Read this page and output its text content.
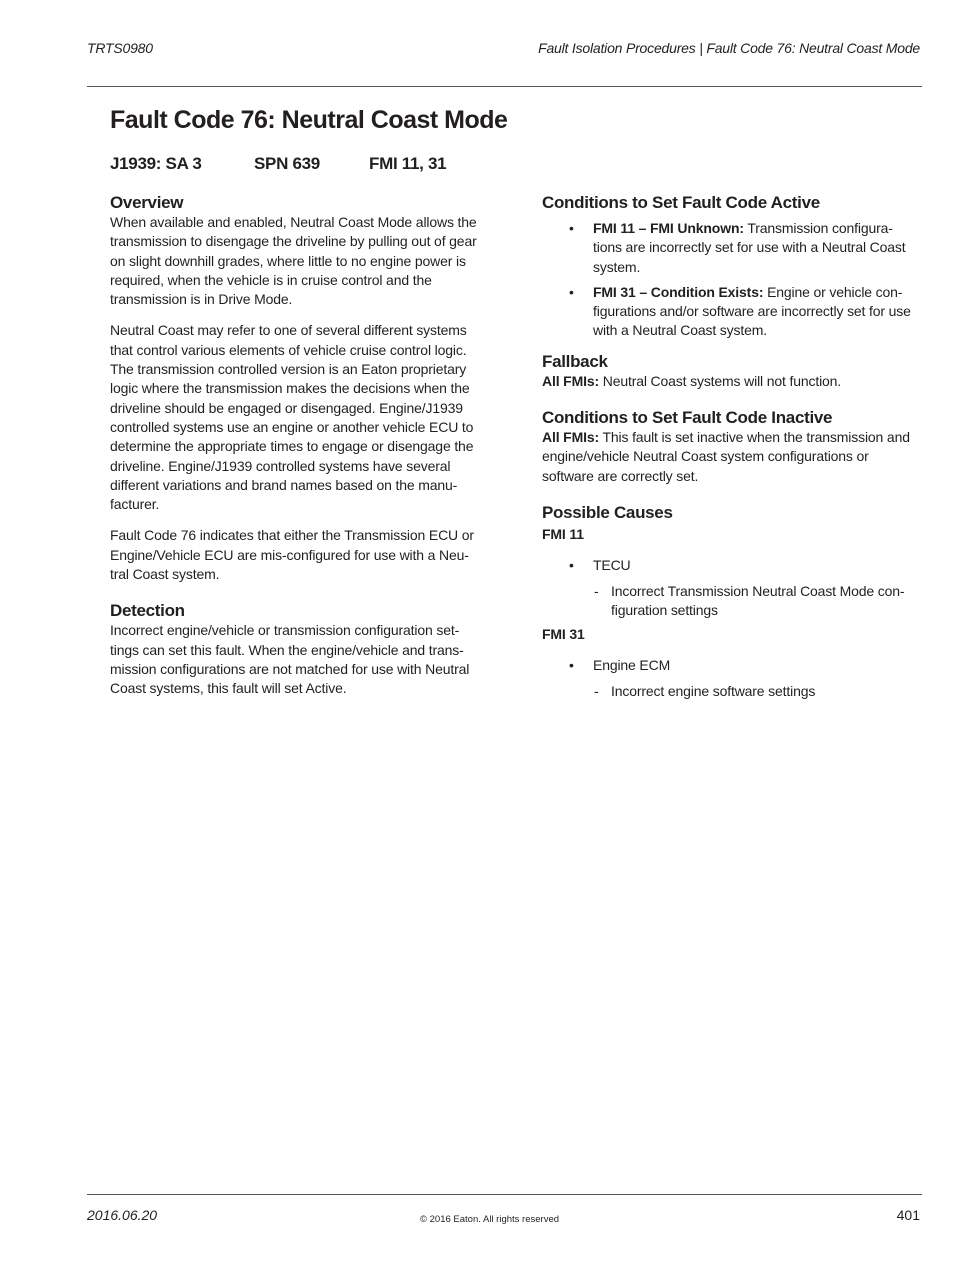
TRTS0980	Fault Isolation Procedures | Fault Code 76: Neutral Coast Mode
Fault Code 76: Neutral Coast Mode
J1939: SA 3	SPN 639	FMI 11, 31
Overview

When available and enabled, Neutral Coast Mode allows the transmission to disengage the driveline by pulling out of gear on slight downhill grades, where little to no engine power is required, when the vehicle is in cruise control and the transmission is in Drive Mode.

Neutral Coast may refer to one of several different systems that control various elements of vehicle cruise control logic. The transmission controlled version is an Eaton proprietary logic where the transmission makes the decisions when the driveline should be engaged or disengaged. Engine/J1939 controlled systems use an engine or another vehicle ECU to determine the appropriate times to engage or disengage the driveline. Engine/J1939 controlled systems have several different variations and brand names based on the manu-facturer.

Fault Code 76 indicates that either the Transmission ECU or Engine/Vehicle ECU are mis-configured for use with a Neu-tral Coast system.

Detection

Incorrect engine/vehicle or transmission configuration set-tings can set this fault. When the engine/vehicle and trans-mission configurations are not matched for use with Neutral Coast systems, this fault will set Active.

Conditions to Set Fault Code Active
• FMI 11 – FMI Unknown: Transmission configura-tions are incorrectly set for use with a Neutral Coast system.
• FMI 31 – Condition Exists: Engine or vehicle con-figurations and/or software are incorrectly set for use with a Neutral Coast system.
Fallback

All FMIs: Neutral Coast systems will not function.

Conditions to Set Fault Code Inactive

All FMIs: This fault is set inactive when the transmission and engine/vehicle Neutral Coast system configurations or software are correctly set.

Possible Causes
FMI 11
• TECU
- Incorrect Transmission Neutral Coast Mode con-figuration settings
FMI 31
• Engine ECM
- Incorrect engine software settings
2016.06.20	© 2016 Eaton. All rights reserved	401
